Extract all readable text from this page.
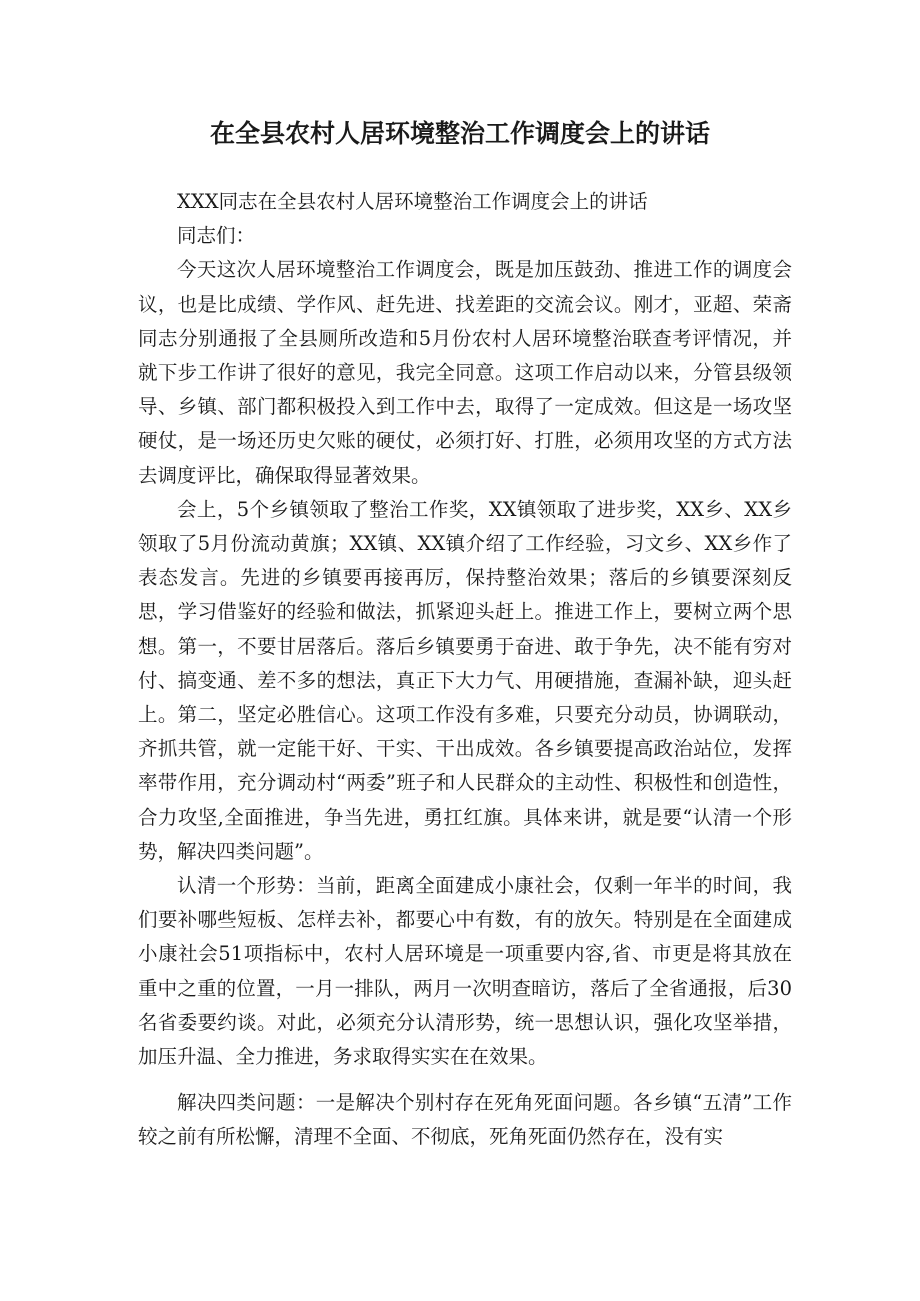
在全县农村人居环境整治工作调度会上的讲话

XXX同志在全县农村人居环境整治工作调度会上的讲话

同志们：

今天这次人居环境整治工作调度会，既是加压鼓劲、推进工作的调度会议，也是比成绩、学作风、赶先进、找差距的交流会议。刚才，亚超、荣斋同志分别通报了全县厕所改造和5月份农村人居环境整治联查考评情况，并就下步工作讲了很好的意见，我完全同意。这项工作启动以来，分管县级领导、乡镇、部门都积极投入到工作中去，取得了一定成效。但这是一场攻坚硬仗，是一场还历史欠账的硬仗，必须打好、打胜，必须用攻坚的方式方法去调度评比，确保取得显著效果。

会上，5个乡镇领取了整治工作奖，XX镇领取了进步奖，XX乡、XX乡领取了5月份流动黄旗；XX镇、XX镇介绍了工作经验，习文乡、XX乡作了表态发言。先进的乡镇要再接再厉，保持整治效果；落后的乡镇要深刻反思，学习借鉴好的经验和做法，抓紧迎头赶上。推进工作上，要树立两个思想。第一，不要甘居落后。落后乡镇要勇于奋进、敢于争先，决不能有穷对付、搞变通、差不多的想法，真正下大力气、用硬措施，查漏补缺，迎头赶上。第二，坚定必胜信心。这项工作没有多难，只要充分动员，协调联动，齐抓共管，就一定能干好、干实、干出成效。各乡镇要提高政治站位，发挥率带作用，充分调动村“两委”班子和人民群众的主动性、积极性和创造性，合力攻坚,全面推进，争当先进，勇扛红旗。具体来讲，就是要“认清一个形势，解决四类问题”。

认清一个形势：当前，距离全面建成小康社会，仅剩一年半的时间，我们要补哪些短板、怎样去补，都要心中有数，有的放矢。特别是在全面建成小康社会51项指标中，农村人居环境是一项重要内容,省、市更是将其放在重中之重的位置，一月一排队，两月一次明查暗访，落后了全省通报，后30名省委要约谈。对此，必须充分认清形势，统一思想认识，强化攻坚举措，加压升温、全力推进，务求取得实实在在效果。

解决四类问题：一是解决个别村存在死角死面问题。各乡镇“五清”工作较之前有所松懈，清理不全面、不彻底，死角死面仍然存在，没有实
